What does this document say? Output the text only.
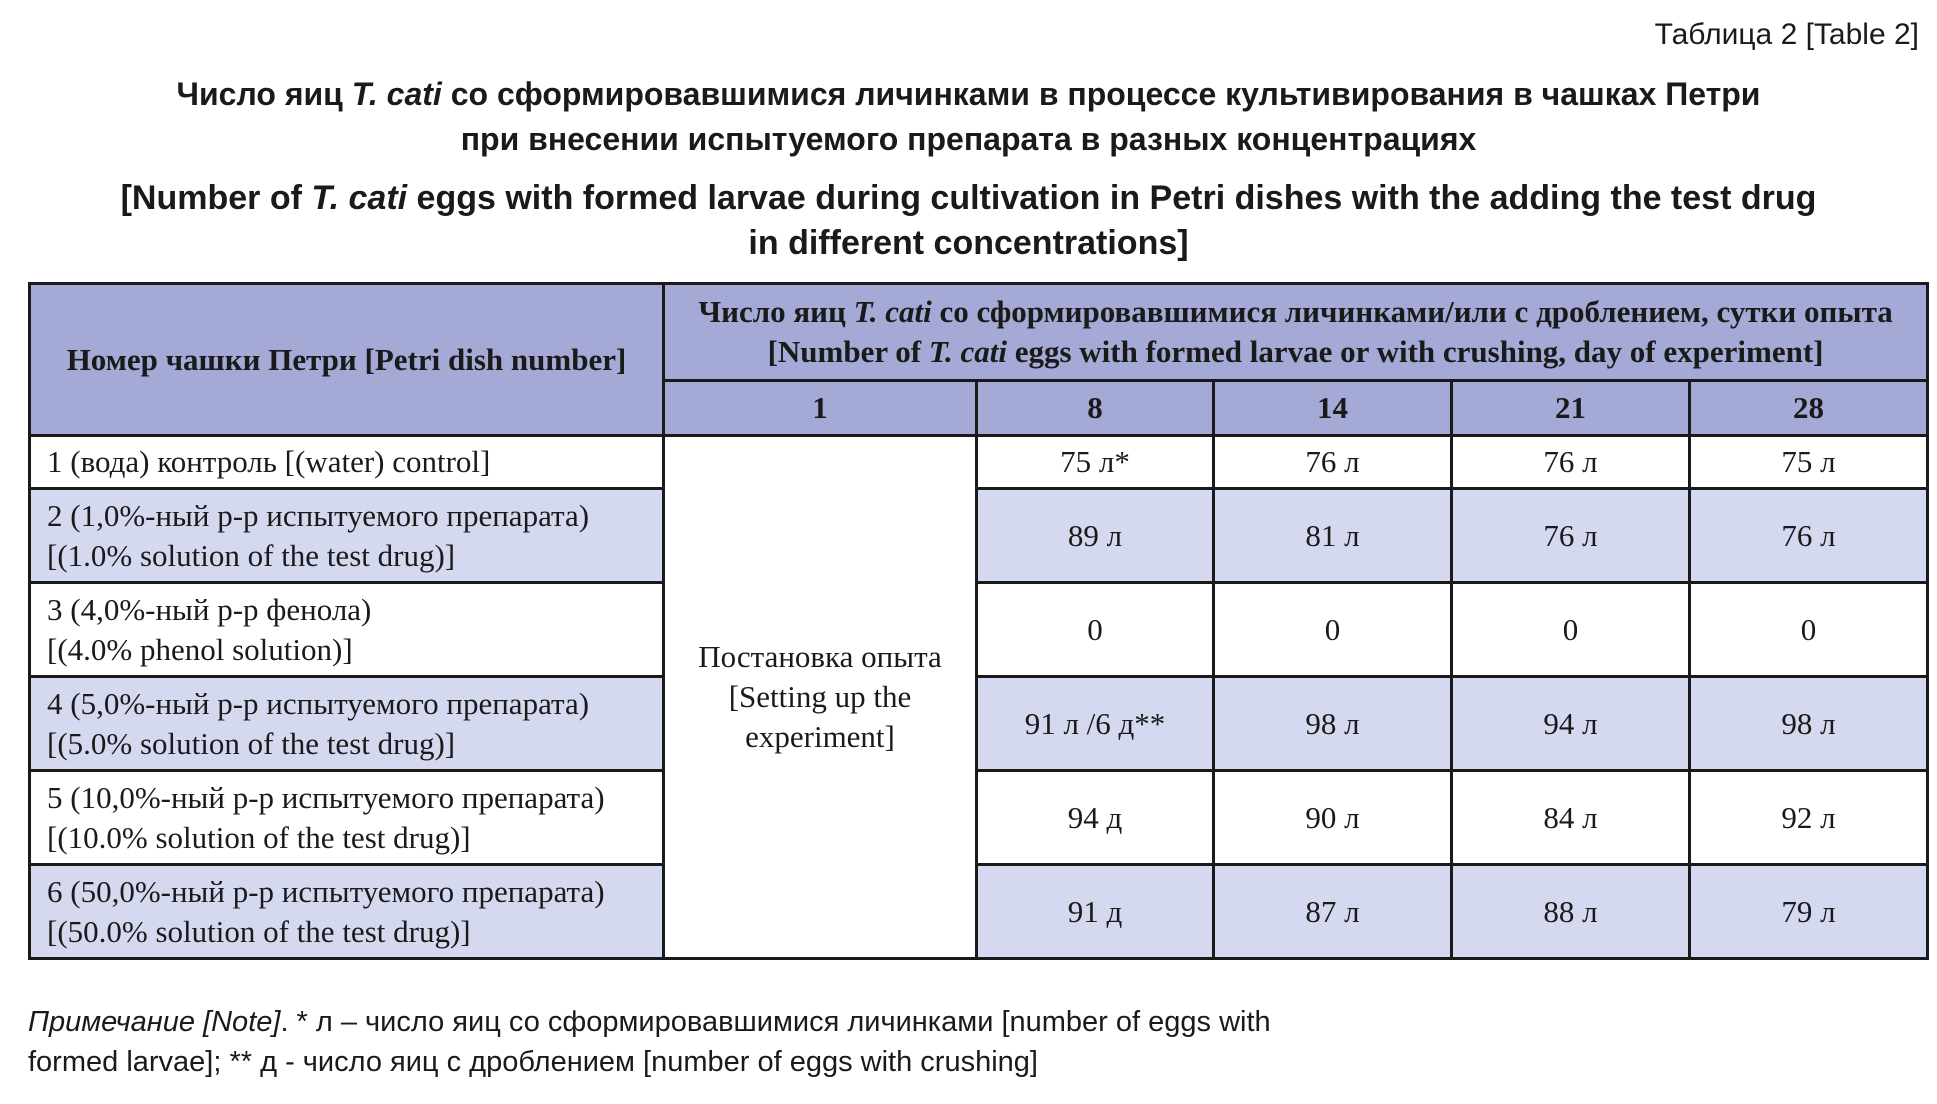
Таблица 2 [Table 2]
Число яиц T. cati со сформировавшимися личинками в процессе культивирования в чашках Петри
при внесении испытуемого препарата в разных концентрациях
[Number of T. cati eggs with formed larvae during cultivation in Petri dishes with the adding the test drug
in different concentrations]
Номер чашки Петри [Petri dish number]	Число яиц T. cati со сформировавшимися личинками/или с дроблением, сутки опыта [Number of T. cati eggs with formed larvae or with crushing, day of experiment]				
	1	8	14	21	28
1 (вода) контроль [(water) control]	Постановка опыта
[Setting up the
experiment]	75 л*	76 л	76 л	75 л

2 (1,0%-ный р-р испытуемого препарата)
[(1.0% solution of the test drug)]		89 л	81 л	76 л	76 л

3 (4,0%-ный р-р фенола)
[(4.0% phenol solution)]		0	0	0	0

4 (5,0%-ный р-р испытуемого препарата)
[(5.0% solution of the test drug)]		91 л /6 д**	98 л	94 л	98 л

5 (10,0%-ный р-р испытуемого препарата)
[(10.0% solution of the test drug)]		94 д	90 л	84 л	92 л

6 (50,0%-ный р-р испытуемого препарата)
[(50.0% solution of the test drug)]		91 д	87 л	88 л	79 л
Примечание [Note]. * л – число яиц со сформировавшимися личинками [number of eggs with
formed larvae]; ** д - число яиц с дроблением [number of eggs with crushing]
